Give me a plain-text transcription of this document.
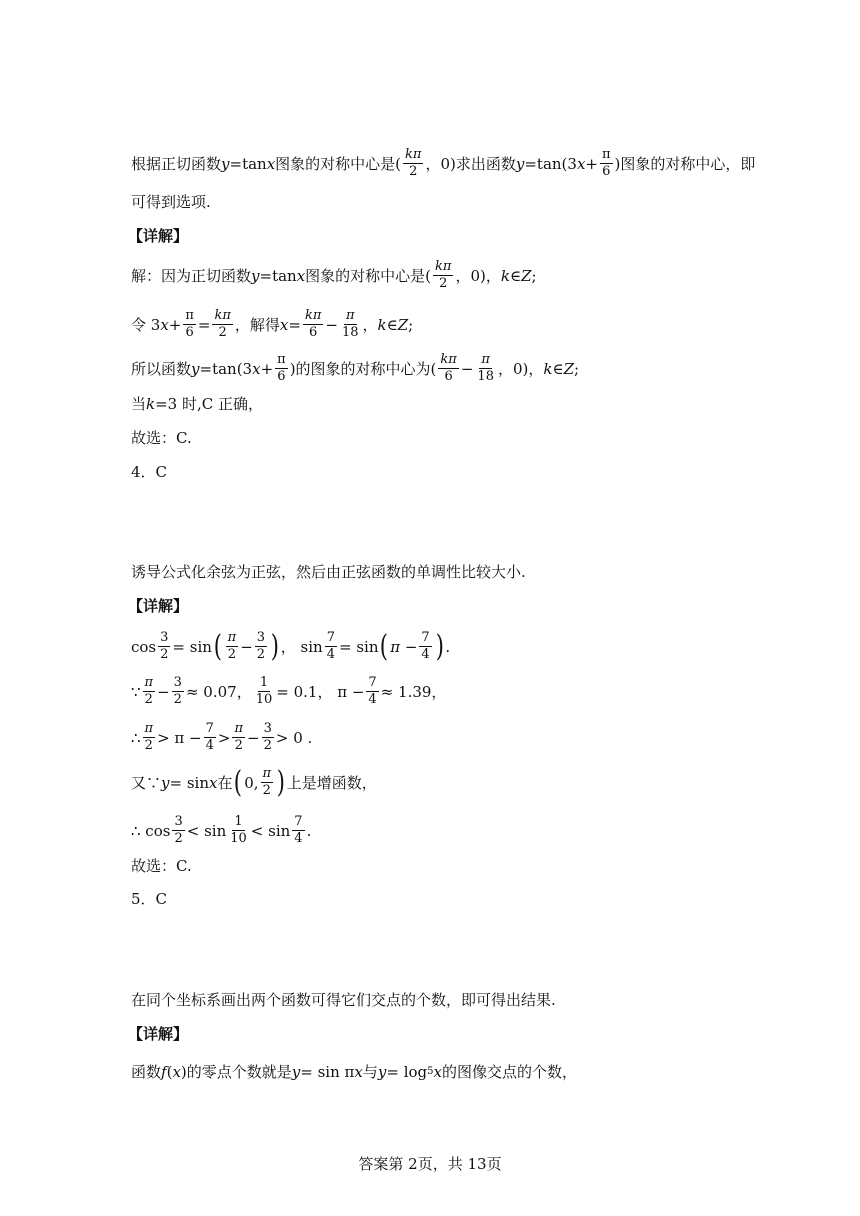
根据正切函数 y =tan x 图象的对称中心是( $\frac{k\pi}{2}$ ，0)求出函数 y =tan(3 $x + \frac{\pi}{6}$ )图象的对称中心，即
可得到选项.
【详解】
解：因为正切函数 y =tan x 图象的对称中心是( $\frac{k\pi}{2}$ ，0)， k ∈ Z ;
令 3 $x + \frac{\pi}{6} = \frac{k\pi}{2}$ ，解得 $x = \frac{k\pi}{6} - \frac{\pi}{18}$ ， k ∈ Z ;
所以函数 y =tan(3 $x + \frac{\pi}{6}$ )的图象的对称中心为( $\frac{k\pi}{6} - \frac{\pi}{18}$ ，0)， k ∈ Z ;
当 k =3 时,C 正确，
故选：C.
4．C
诱导公式化余弦为正弦，然后由正弦函数的单调性比较大小.
【详解】
$\cos \frac{3}{2} = \sin$ ( $\frac{\pi}{2} - \frac{3}{2}$ ) ， $\sin \frac{7}{4} = \sin$ ( $\pi - \frac{7}{4}$ ) .
∵ $\frac{\pi}{2} - \frac{3}{2} \approx 0.07$， $\frac{1}{10} = 0.1$， $\pi - \frac{7}{4} \approx 1.39$，
∴ $\frac{\pi}{2} > \pi - \frac{7}{4} > \frac{\pi}{2} - \frac{3}{2} > 0$ .
又∵ y = sin x 在 ( 0, $\frac{\pi}{2}$ ) 上是增函数，
∴ $\cos \frac{3}{2} < \sin \frac{1}{10} < \sin \frac{7}{4}$ .
故选：C.
5．C
在同个坐标系画出两个函数可得它们交点的个数，即可得出结果.
【详解】
函数 f ( x ) 的零点个数就是 y = sin π x 与 y = log 5 x 的图像交点的个数，
答案第 2页，共 13页
